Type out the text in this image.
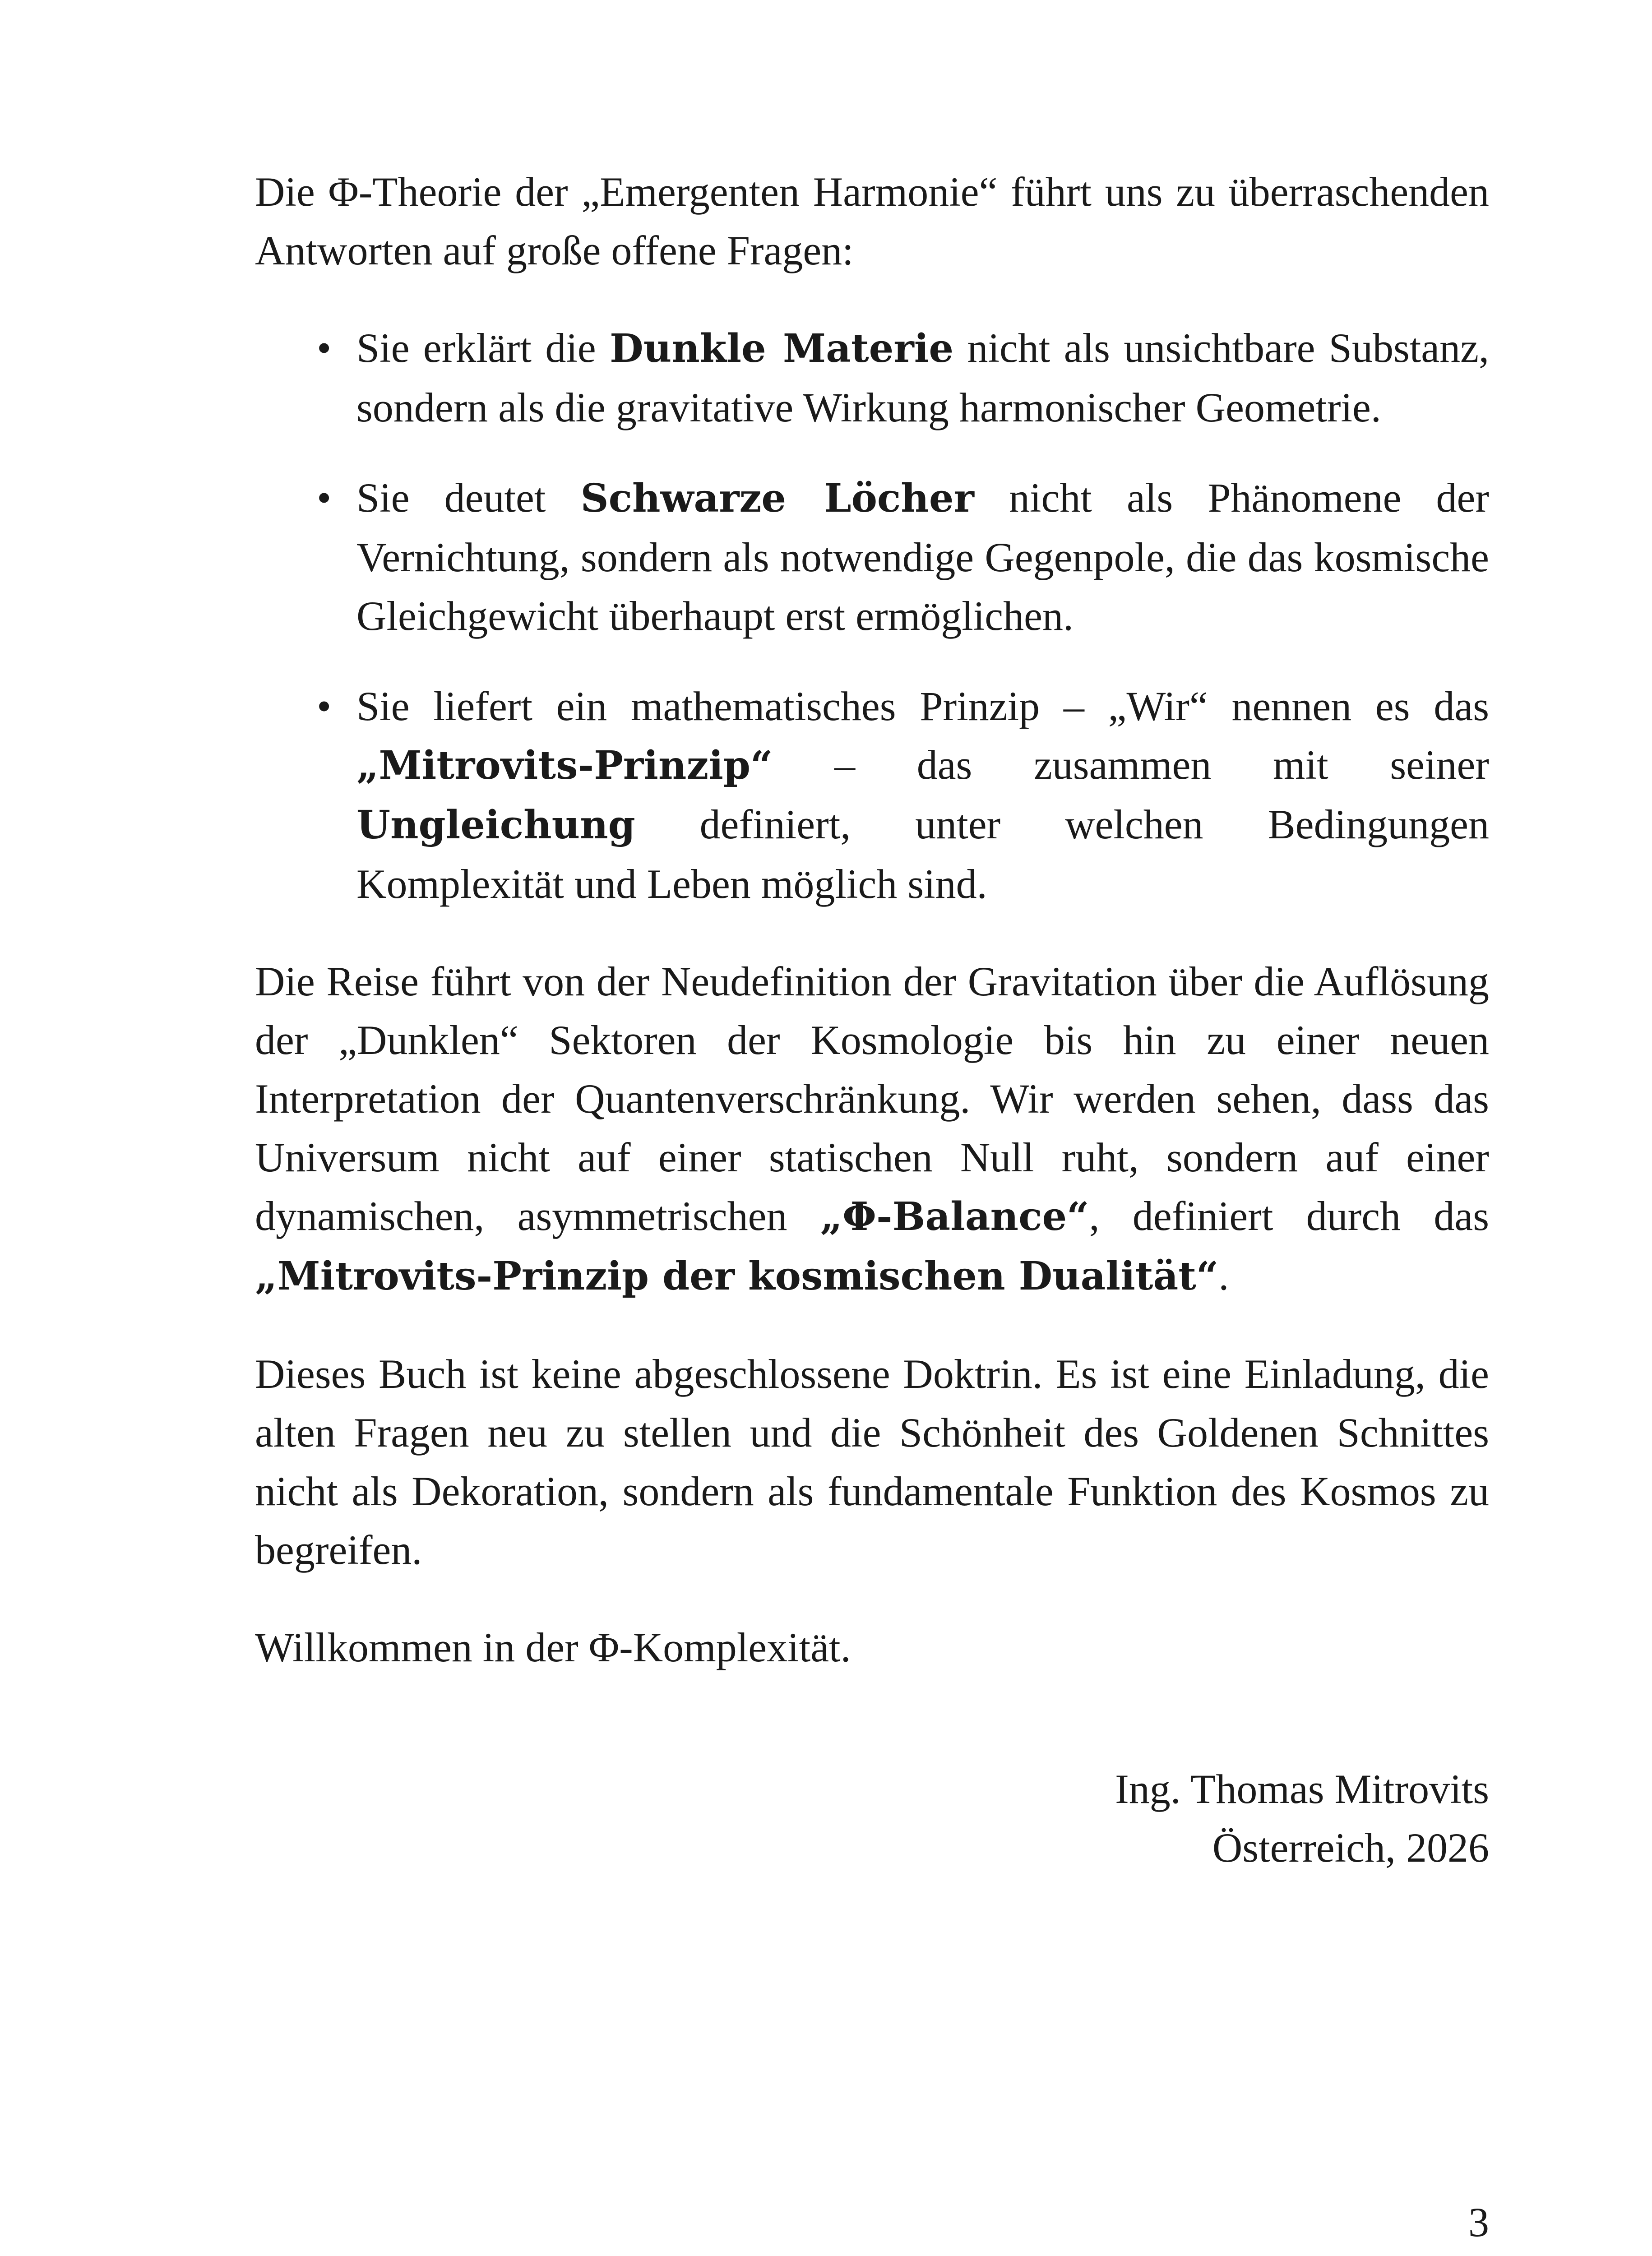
Die Φ-Theorie der „Emergenten Harmonie“ führt uns zu überraschenden Antworten auf große offene Fragen:

• Sie erklärt die Dunkle Materie nicht als unsichtbare Substanz, sondern als die gravitative Wirkung harmonischer Geometrie.
• Sie deutet Schwarze Löcher nicht als Phänomene der Vernichtung, sondern als notwendige Gegenpole, die das kosmische Gleichgewicht überhaupt erst ermöglichen.
• Sie liefert ein mathematisches Prinzip – „Wir“ nennen es das „Mitrovits-Prinzip“ – das zusammen mit seiner Ungleichung definiert, unter welchen Bedingungen Komplexität und Leben möglich sind.

Die Reise führt von der Neudefinition der Gravitation über die Auflösung der „Dunklen“ Sektoren der Kosmologie bis hin zu einer neuen Interpretation der Quantenverschränkung. Wir werden sehen, dass das Universum nicht auf einer statischen Null ruht, sondern auf einer dynamischen, asymmetrischen „Φ-Balance“, definiert durch das „Mitrovits-Prinzip der kosmischen Dualität“.

Dieses Buch ist keine abgeschlossene Doktrin. Es ist eine Einladung, die alten Fragen neu zu stellen und die Schönheit des Goldenen Schnittes nicht als Dekoration, sondern als fundamentale Funktion des Kosmos zu begreifen.

Willkommen in der Φ-Komplexität.

Ing. Thomas Mitrovits
Österreich, 2026
3
